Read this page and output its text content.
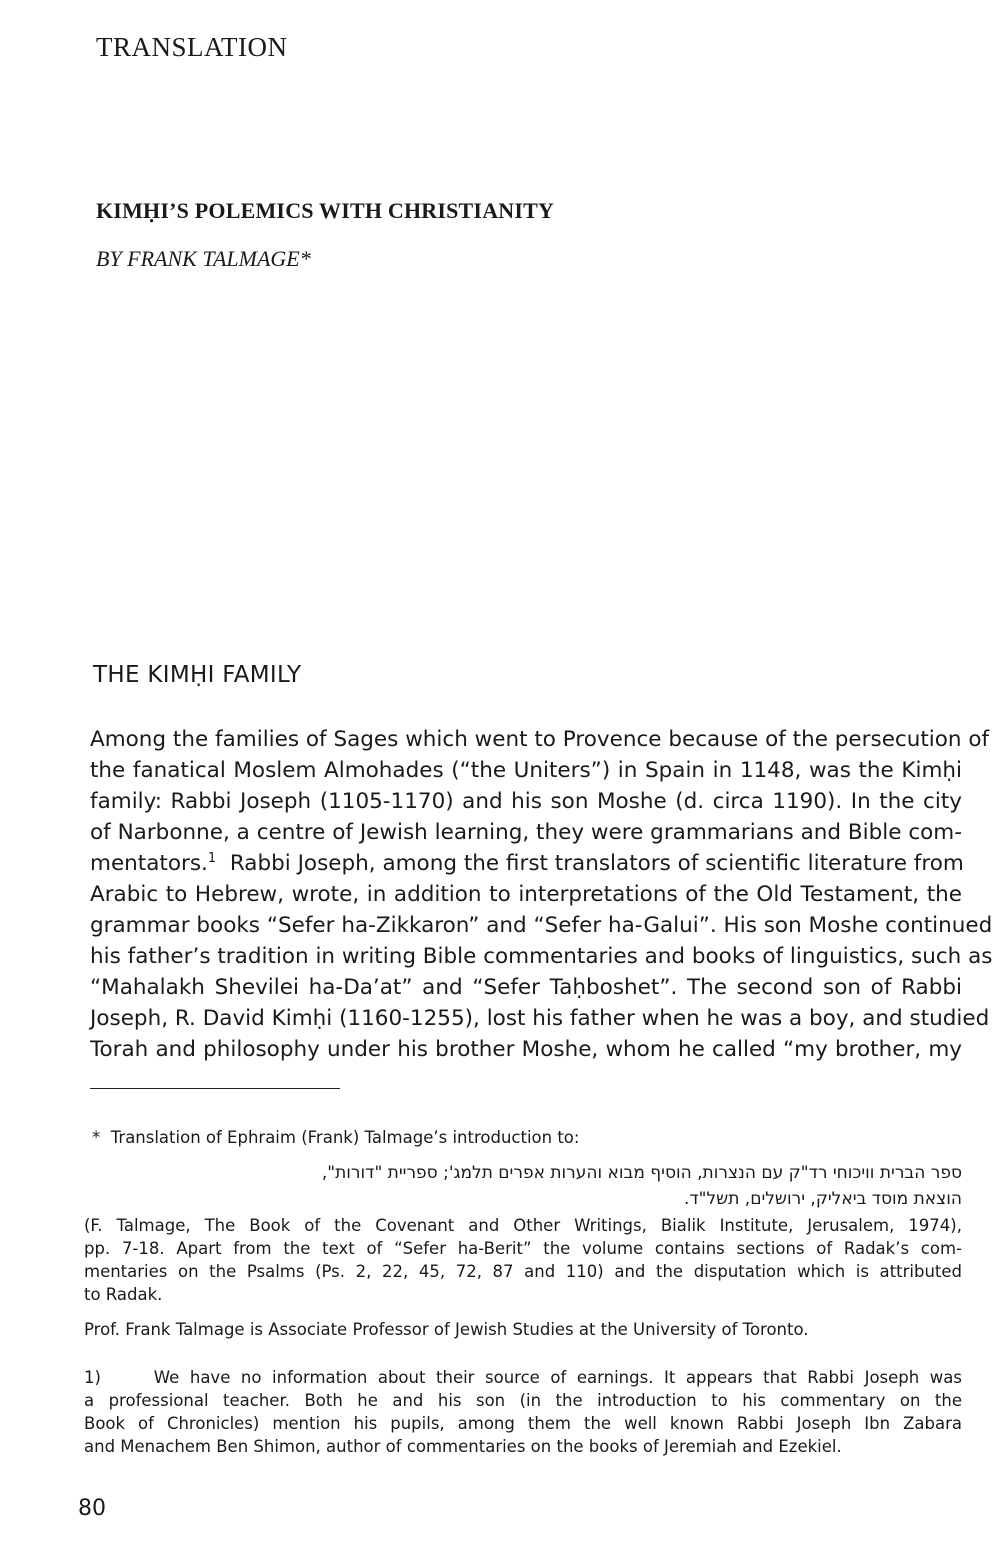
TRANSLATION
KIMḤI’S POLEMICS WITH CHRISTIANITY

BY FRANK TALMAGE*

THE KIMḤI FAMILY
Among the families of Sages which went to Provence because of the persecution of
the fanatical Moslem Almohades (“the Uniters”) in Spain in 1148, was the Kimḥi
family: Rabbi Joseph (1105-1170) and his son Moshe (d. circa 1190). In the city
of Narbonne, a centre of Jewish learning, they were grammarians and Bible com-
mentators.$^1$ Rabbi Joseph, among the first translators of scientific literature from
Arabic to Hebrew, wrote, in addition to interpretations of the Old Testament, the
grammar books “Sefer ha-Zikkaron” and “Sefer ha-Galui”. His son Moshe continued
his father’s tradition in writing Bible commentaries and books of linguistics, such as
“Mahalakh Shevilei ha-Da’at” and “Sefer Taḥboshet”. The second son of Rabbi
Joseph, R. David Kimḥi (1160-1255), lost his father when he was a boy, and studied
Torah and philosophy under his brother Moshe, whom he called “my brother, my

* Translation of Ephraim (Frank) Talmage’s introduction to:

ספר הברית וויכוחי רד"ק עם הנצרות, הוסיף מבוא והערות אפרים תלמג'; ספריית "דורות",
הוצאת מוסד ביאליק, ירושלים, תשל"ד.
(F. Talmage, The Book of the Covenant and Other Writings, Bialik Institute, Jerusalem, 1974),
pp. 7-18. Apart from the text of “Sefer ha-Berit” the volume contains sections of Radak’s com-
mentaries on the Psalms (Ps. 2, 22, 45, 72, 87 and 110) and the disputation which is attributed
to Radak.

Prof. Frank Talmage is Associate Professor of Jewish Studies at the University of Toronto.

1)	We have no information about their source of earnings. It appears that Rabbi Joseph was
a professional teacher. Both he and his son (in the introduction to his commentary on the
Book of Chronicles) mention his pupils, among them the well known Rabbi Joseph Ibn Zabara
and Menachem Ben Shimon, author of commentaries on the books of Jeremiah and Ezekiel.

80
